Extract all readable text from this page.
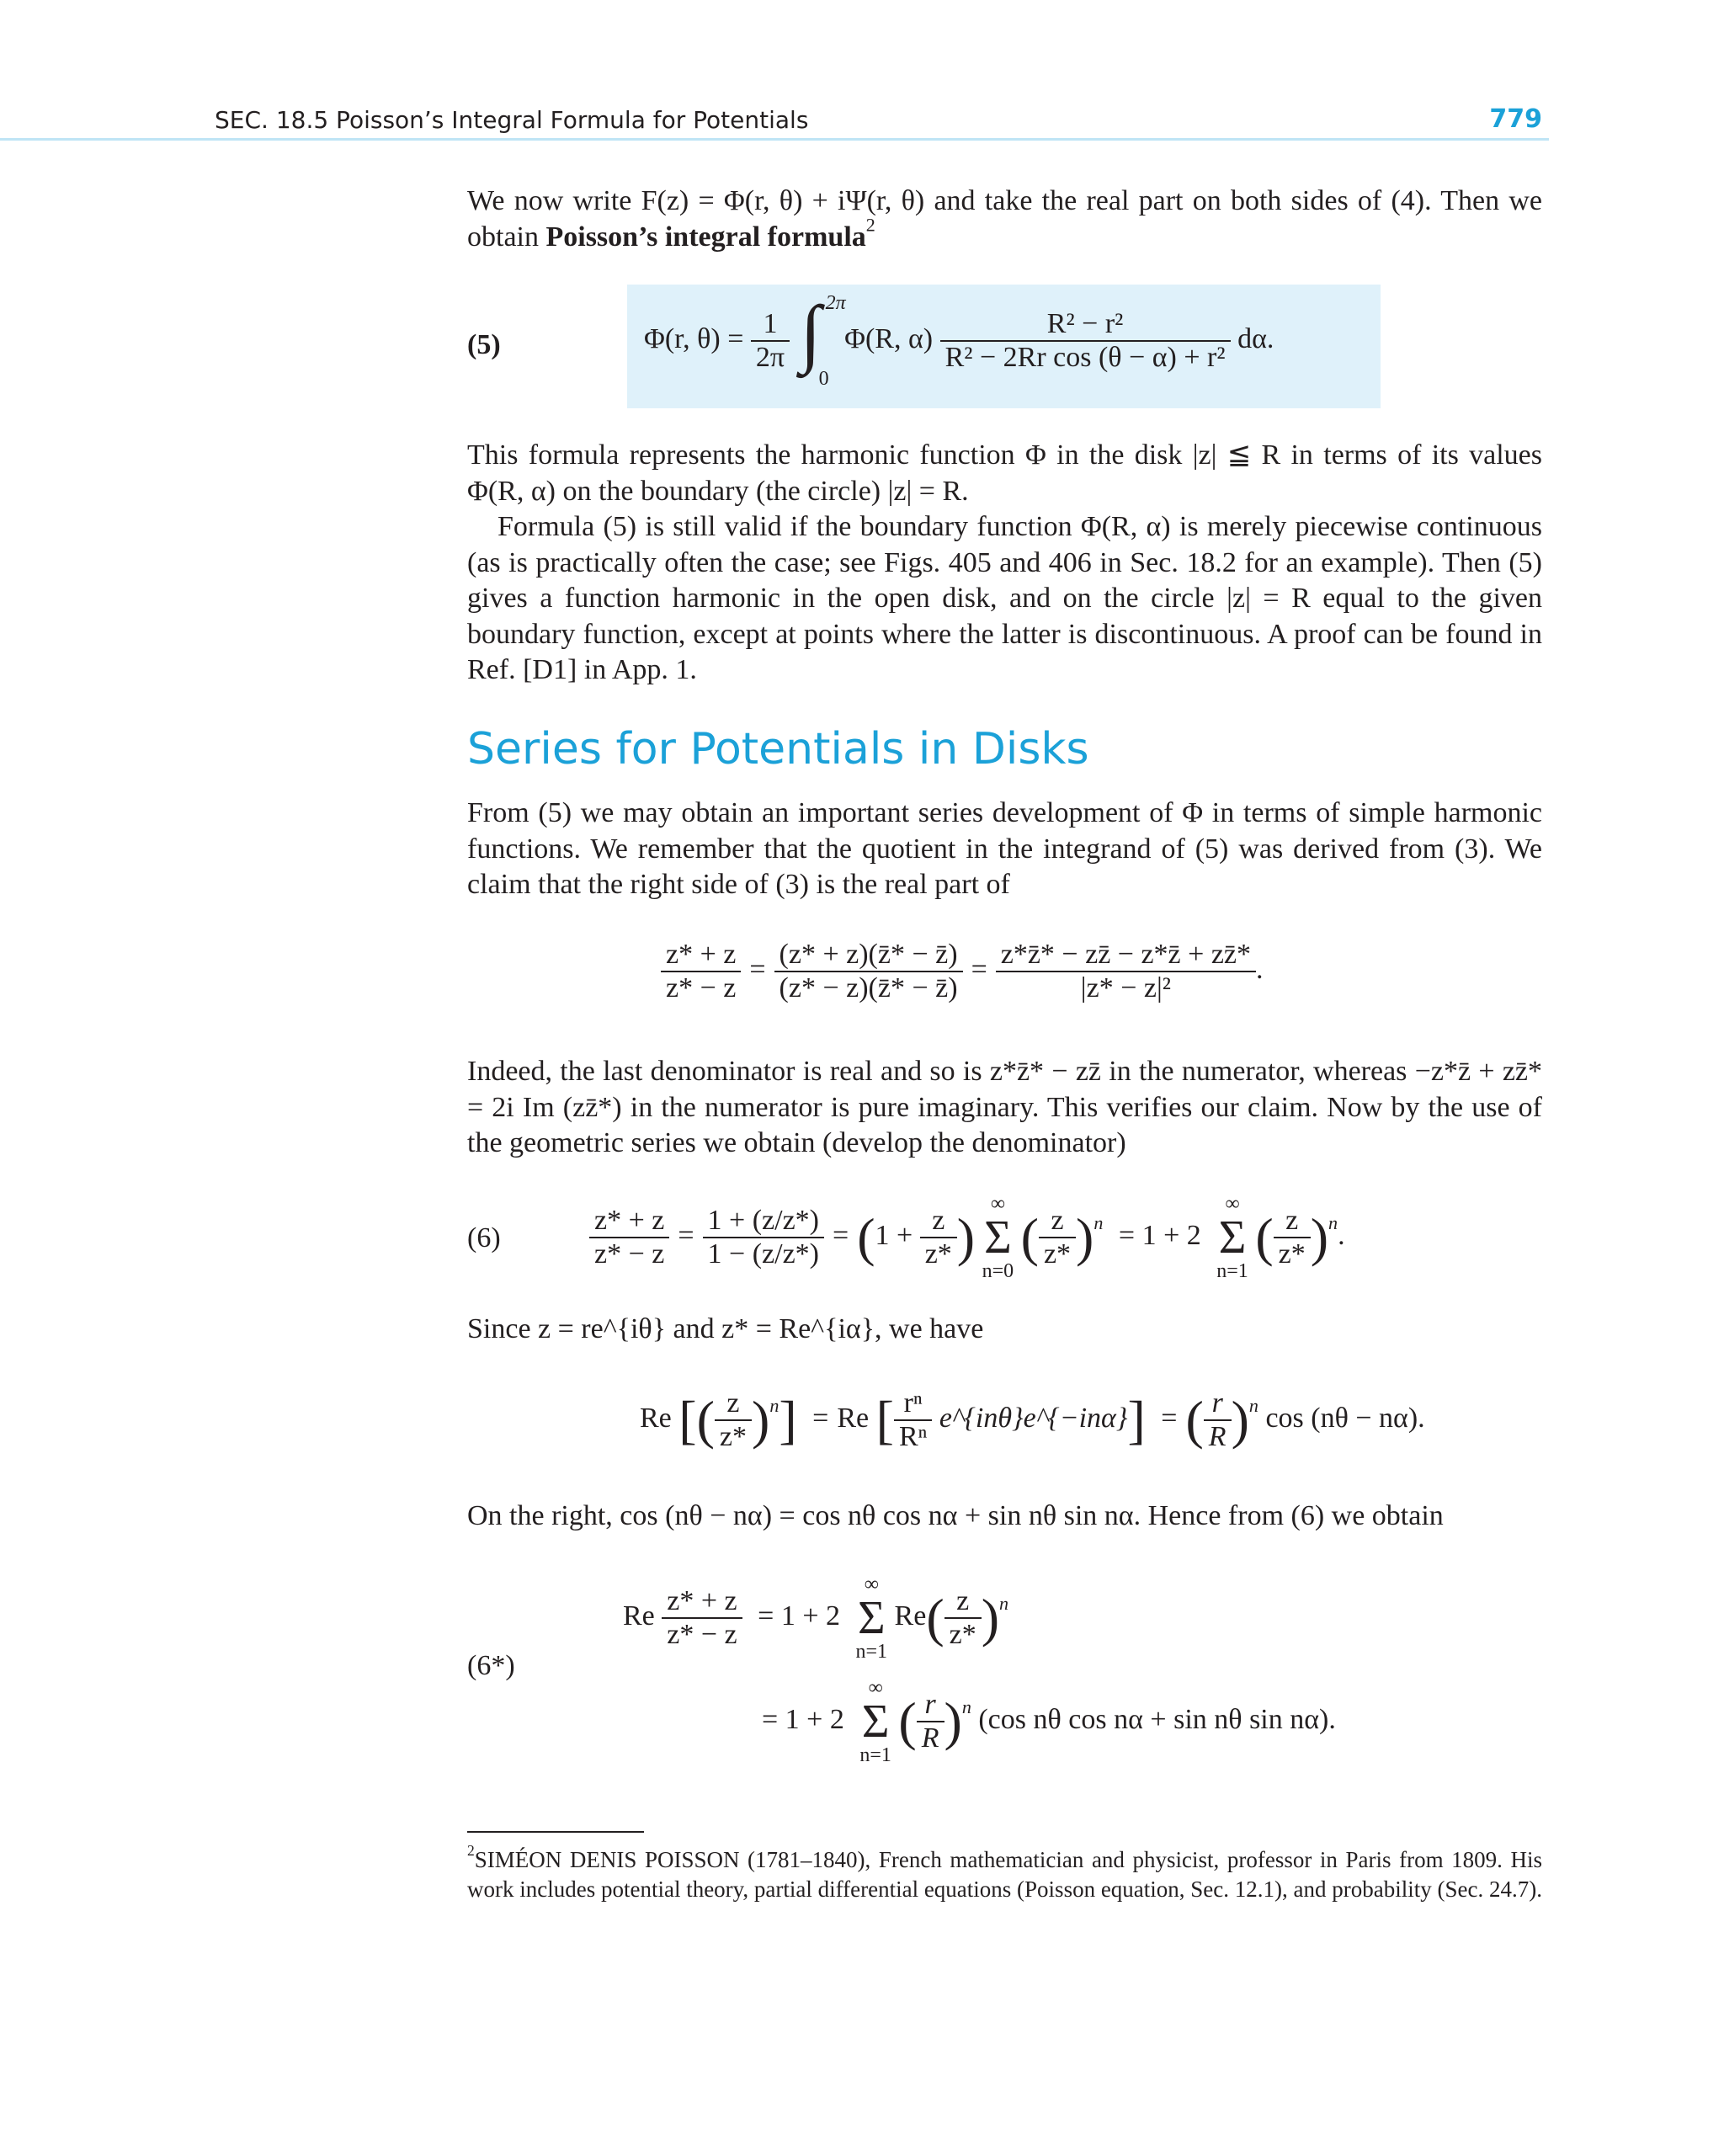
SEC. 18.5 Poisson’s Integral Formula for Potentials	779

We now write F(z) = Φ(r, θ) + iΨ(r, θ) and take the real part on both sides of (4). Then we obtain Poisson’s integral formula$^2$

(5)	Φ(r, $\theta) = \frac{1}{2\pi}$
∫ 2π
0
Φ(R, $\alpha) \frac{\text{R² − r²}}{\text{R² − 2Rr cos (θ − α) + r²}} d\alpha$.

This formula represents the harmonic function Φ in the disk |z| ≦ R in terms of its values Φ(R, α) on the boundary (the circle) |z| = R.

Formula (5) is still valid if the boundary function Φ(R, α) is merely piecewise continuous (as is practically often the case; see Figs. 405 and 406 in Sec. 18.2 for an example). Then (5) gives a function harmonic in the open disk, and on the circle |z| = R equal to the given boundary function, except at points where the latter is discontinuous. A proof can be found in Ref. [D1] in App. 1.

Series for Potentials in Disks

From (5) we may obtain an important series development of Φ in terms of simple harmonic functions. We remember that the quotient in the integrand of (5) was derived from (3). We claim that the right side of (3) is the real part of

$\frac{z* + z}{z* - z} = \frac{(z* + z)(z̄* - z̄)}{(z* - z)(z̄* - z̄)} = \frac{z*z̄* - zz̄ - z*z̄ + zz̄*}{\text{|z* − z|²}}$ .

Indeed, the last denominator is real and so is z*z̄* − zz̄ in the numerator, whereas −z*z̄ + zz̄* = 2i Im (zz̄*) in the numerator is pure imaginary. This verifies our claim. Now by the use of the geometric series we obtain (develop the denominator)

(6)	$\frac{z* + z}{z* - z} = \frac{1 + (z/z*)}{1 - (z/z*)} = (1 + \frac{z}{z*}$ )
∞
Σ
n=0
( $\frac{z}{z*} )^n = 1 + 2$
∞
Σ
n=1
( $\frac{z}{z*} )^n$.

Since z = re^{iθ} and z* = Re^{iα}, we have

Re [( $\frac{z}{z*} )^n] = Re$ [ $\frac{\text{rⁿ}}{\text{Rⁿ}}$ e^{inθ}e^{−inα}] = ( $\frac{r}{R} )^n$ cos (nθ − nα).

On the right, cos (nθ − nα) = cos nθ cos nα + sin nθ sin nα. Hence from (6) we obtain

(6*)
Re $\frac{z* + z}{z* - z} = 1 + 2$
∞
Σ
n=1
$Re( \frac{z}{z*} )^n$
= 1 + 2
∞
Σ
n=1
( $\frac{r}{R} )^n$ (cos nθ cos nα + sin nθ sin nα).
$^2$SIMÉON DENIS POISSON (1781–1840), French mathematician and physicist, professor in Paris from 1809. His work includes potential theory, partial differential equations (Poisson equation, Sec. 12.1), and probability (Sec. 24.7).
